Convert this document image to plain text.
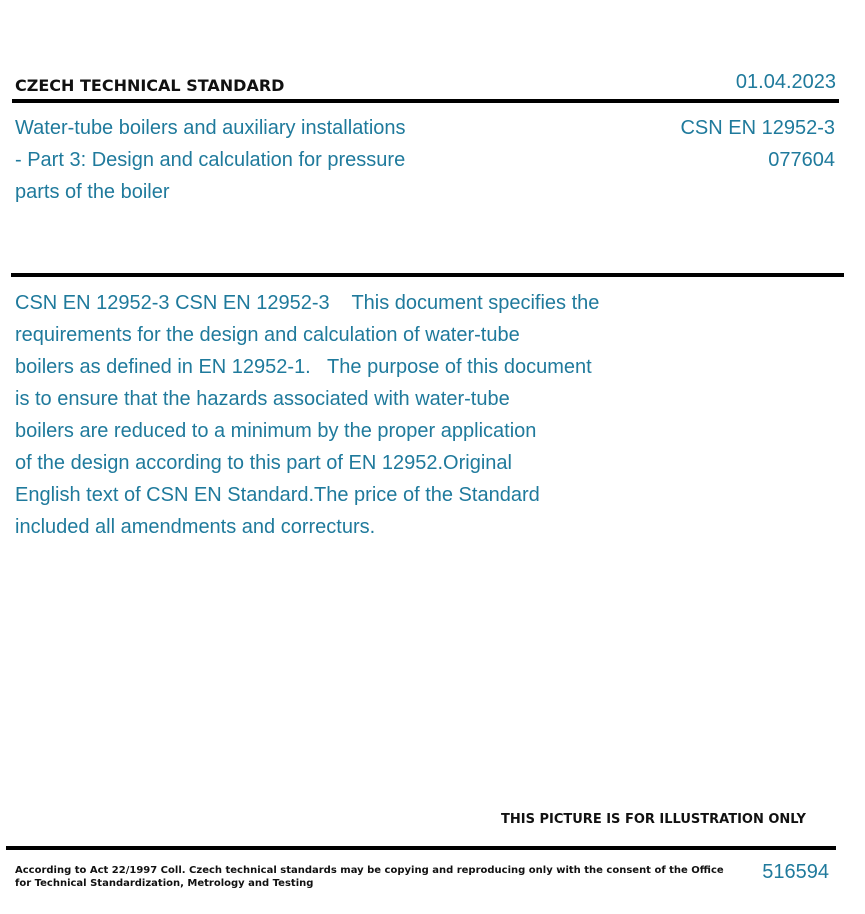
CZECH TECHNICAL STANDARD	01.04.2023
Water-tube boilers and auxiliary installations
- Part 3: Design and calculation for pressure
parts of the boiler
CSN EN 12952-3
077604
CSN EN 12952-3 CSN EN 12952-3    This document specifies the
requirements for the design and calculation of water-tube
boilers as defined in EN 12952-1.   The purpose of this document
is to ensure that the hazards associated with water-tube
boilers are reduced to a minimum by the proper application
of the design according to this part of EN 12952.Original
English text of CSN EN Standard.The price of the Standard
included all amendments and correcturs.
THIS PICTURE IS FOR ILLUSTRATION ONLY
According to Act 22/1997 Coll. Czech technical standards may be copying and reproducing only with the consent of the Office
for Technical Standardization, Metrology and Testing
516594
